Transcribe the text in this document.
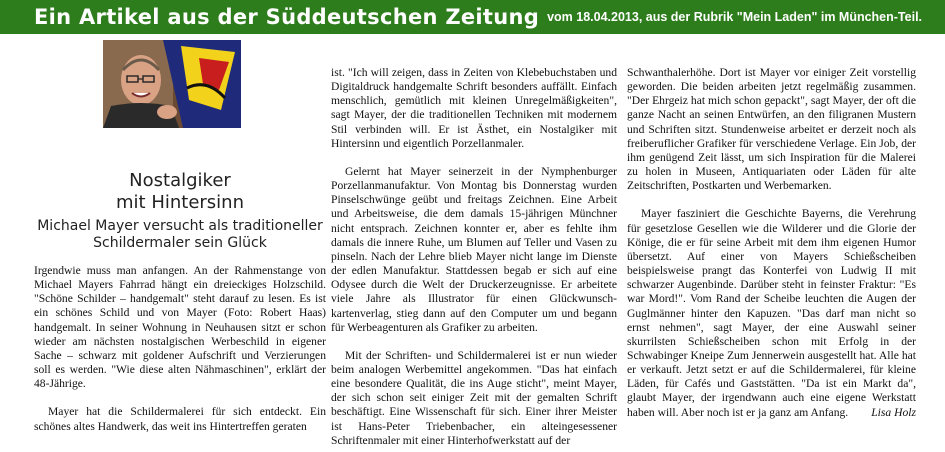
Ein Artikel aus der Süddeutschen Zeitung vom 18.04.2013, aus der Rubrik "Mein Laden" im München-Teil.
Nostalgiker
mit Hintersinn
Michael Mayer versucht als traditioneller Schildermaler sein Glück

Irgendwie muss man anfangen. An der Rahmenstange von Michael Mayers Fahrrad hängt ein dreieckiges Holzschild. "Schöne Schilder – handgemalt" steht darauf zu lesen. Es ist ein schönes Schild und von Mayer (Foto: Robert Haas) handgemalt. In seiner Wohnung in Neuhausen sitzt er schon wieder am nächsten nostalgischen Werbeschild in eigener Sache – schwarz mit goldener Aufschrift und Verzierungen soll es werden. "Wie diese alten Nähmaschinen", erklärt der 48-Jährige.

Mayer hat die Schildermalerei für sich entdeckt. Ein schönes altes Handwerk, das weit ins Hintertreffen geraten

ist. "Ich will zeigen, dass in Zeiten von Klebebuchstaben und Digitaldruck handgemalte Schrift besonders auffällt. Einfach menschlich, gemütlich mit kleinen Unregelmäßigkeiten", sagt Mayer, der die traditionellen Techniken mit modernem Stil verbinden will. Er ist Ästhet, ein Nostalgiker mit Hintersinn und eigentlich Porzellanmaler.

Gelernt hat Mayer seinerzeit in der Nymphenburger Porzellanmanufaktur. Von Montag bis Donnerstag wurden Pinselschwünge geübt und freitags Zeichnen. Eine Arbeit und Arbeitsweise, die dem damals 15-jährigen Münchner nicht entsprach. Zeichnen konnter er, aber es fehlte ihm damals die innere Ruhe, um Blumen auf Teller und Vasen zu pinseln. Nach der Lehre blieb Mayer nicht lange im Dienste der edlen Manufaktur. Stattdessen begab er sich auf eine Odysee durch die Welt der Druckerzeugnisse. Er arbeitete viele Jahre als Illustrator für einen Glückwunschkartenverlag, stieg dann auf den Computer um und begann für Werbeagenturen als Grafiker zu arbeiten.

Mit der Schriften- und Schildermalerei ist er nun wieder beim analogen Werbemittel angekommen. "Das hat einfach eine besondere Qualität, die ins Auge sticht", meint Mayer, der sich schon seit einiger Zeit mit der gemalten Schrift beschäftigt. Eine Wissenschaft für sich. Einer ihrer Meister ist Hans-Peter Triebenbacher, ein alteingesessener Schriftenmaler mit einer Hinterhofwerkstatt auf der

Schwanthalerhöhe. Dort ist Mayer vor einiger Zeit vorstellig geworden. Die beiden arbeiten jetzt regelmäßig zusammen. "Der Ehrgeiz hat mich schon gepackt", sagt Mayer, der oft die ganze Nacht an seinen Entwürfen, an den filigranen Mustern und Schriften sitzt. Stundenweise arbeitet er derzeit noch als freiberuflicher Grafiker für verschiedene Verlage. Ein Job, der ihm genügend Zeit lässt, um sich Inspiration für die Malerei zu holen in Museen, Antiquariaten oder Läden für alte Zeitschriften, Postkarten und Werbemarken.

Mayer fasziniert die Geschichte Bayerns, die Verehrung für gesetzlose Gesellen wie die Wilderer und die Glorie der Könige, die er für seine Arbeit mit dem ihm eigenen Humor übersetzt. Auf einer von Mayers Schießscheiben beispielsweise prangt das Konterfei von Ludwig II mit schwarzer Augenbinde. Darüber steht in feinster Fraktur: "Es war Mord!". Vom Rand der Scheibe leuchten die Augen der Guglmänner hinter den Kapuzen. "Das darf man nicht so ernst nehmen", sagt Mayer, der eine Auswahl seiner skurrilsten Schießscheiben schon mit Erfolg in der Schwabinger Kneipe Zum Jennerwein ausgestellt hat. Alle hat er verkauft. Jetzt setzt er auf die Schildermalerei, für kleine Läden, für Cafés und Gaststätten. "Da ist ein Markt da", glaubt Mayer, der irgendwann auch eine eigene Werkstatt haben will. Aber noch ist er ja ganz am Anfang.	Lisa Holz
